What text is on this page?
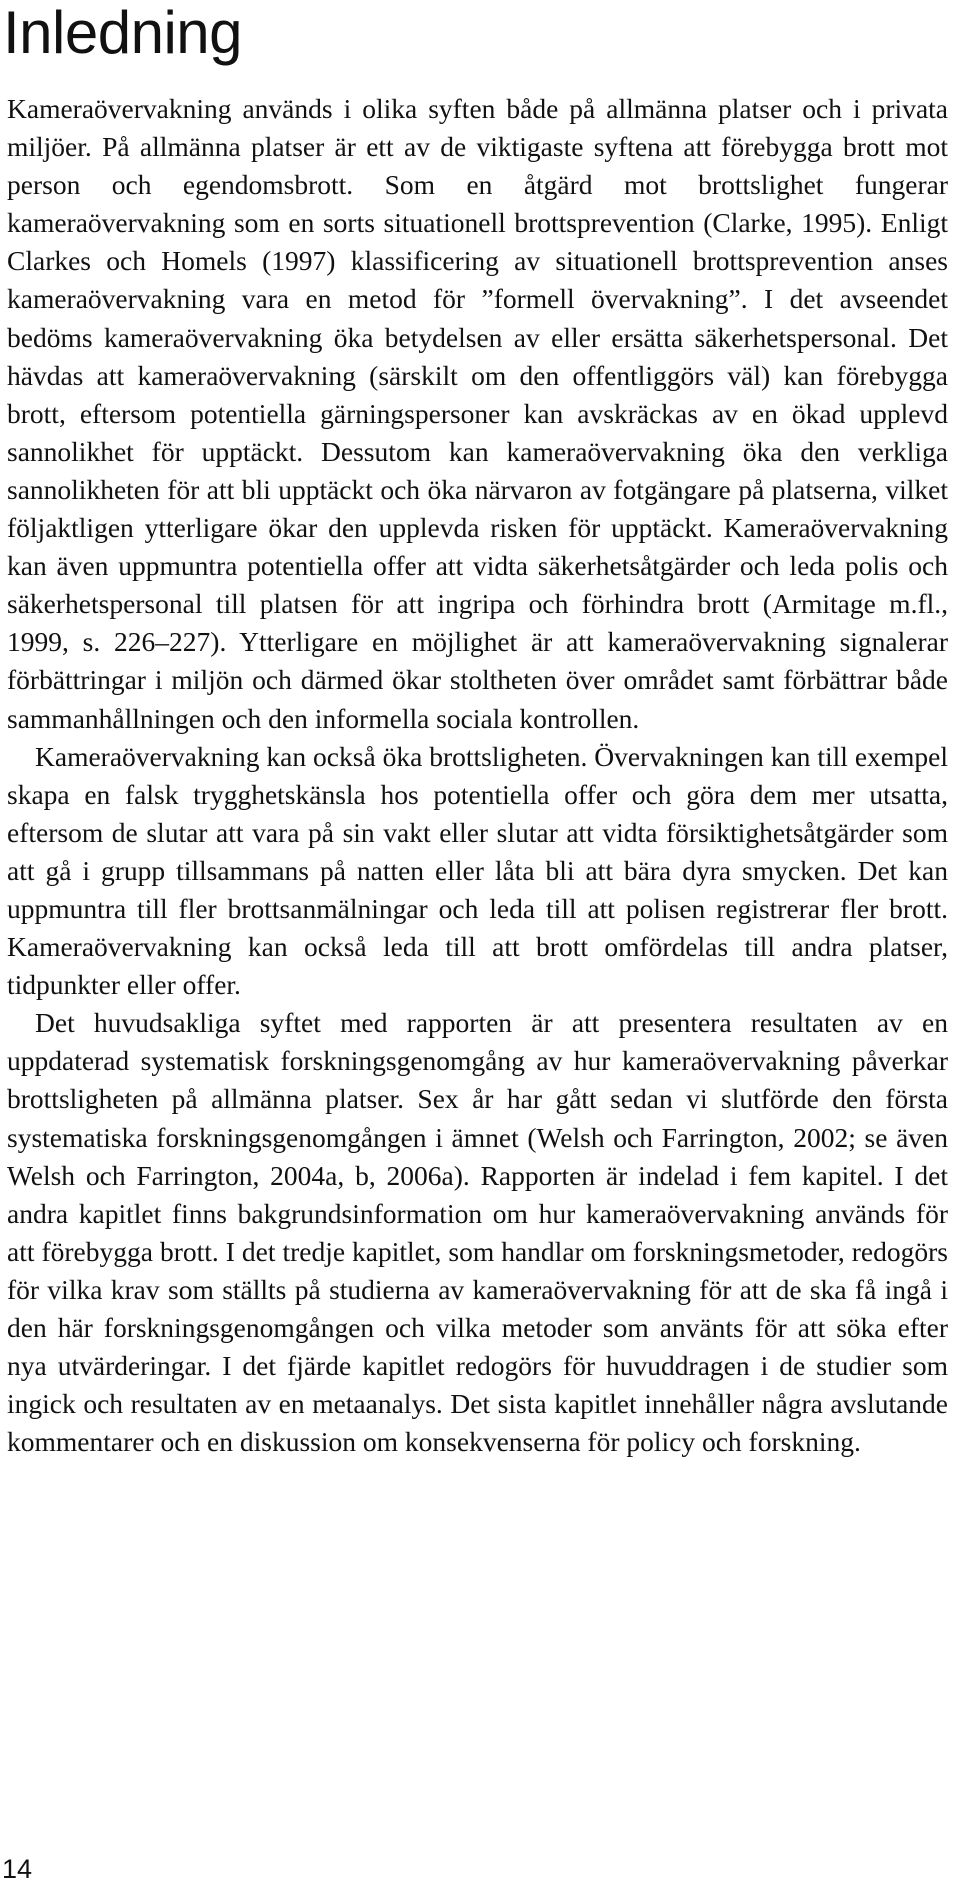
Inledning

Kameraövervakning används i olika syften både på allmänna platser och i privata miljöer. På allmänna platser är ett av de viktigaste syftena att förebygga brott mot person och egendomsbrott. Som en åtgärd mot brottslighet fungerar kameraövervakning som en sorts situationell brottsprevention (Clarke, 1995). Enligt Clarkes och Homels (1997) klassificering av situationell brottsprevention anses kameraövervakning vara en metod för ”formell övervakning”. I det avseendet bedöms kameraövervakning öka betydelsen av eller ersätta säkerhetspersonal. Det hävdas att kameraövervakning (särskilt om den offentliggörs väl) kan förebygga brott, eftersom potentiella gärningspersoner kan avskräckas av en ökad upplevd sannolikhet för upptäckt. Dessutom kan kameraövervakning öka den verkliga sannolikheten för att bli upptäckt och öka närvaron av fotgängare på platserna, vilket följaktligen ytterligare ökar den upplevda risken för upptäckt. Kameraövervakning kan även uppmuntra potentiella offer att vidta säkerhetsåtgärder och leda polis och säkerhetspersonal till platsen för att ingripa och förhindra brott (Armitage m.fl., 1999, s. 226–227). Ytterligare en möjlighet är att kameraövervakning signalerar förbättringar i miljön och därmed ökar stoltheten över området samt förbättrar både sammanhållningen och den informella sociala kontrollen.

Kameraövervakning kan också öka brottsligheten. Övervakningen kan till exempel skapa en falsk trygghetskänsla hos potentiella offer och göra dem mer utsatta, eftersom de slutar att vara på sin vakt eller slutar att vidta försiktighetsåtgärder som att gå i grupp tillsammans på natten eller låta bli att bära dyra smycken. Det kan uppmuntra till fler brottsanmälningar och leda till att polisen registrerar fler brott. Kameraövervakning kan också leda till att brott omfördelas till andra platser, tidpunkter eller offer.

Det huvudsakliga syftet med rapporten är att presentera resultaten av en uppdaterad systematisk forskningsgenomgång av hur kameraövervakning påverkar brottsligheten på allmänna platser. Sex år har gått sedan vi slutförde den första systematiska forskningsgenomgången i ämnet (Welsh och Farrington, 2002; se även Welsh och Farrington, 2004a, b, 2006a). Rapporten är indelad i fem kapitel. I det andra kapitlet finns bakgrundsinformation om hur kameraövervakning används för att förebygga brott. I det tredje kapitlet, som handlar om forskningsmetoder, redogörs för vilka krav som ställts på studierna av kameraövervakning för att de ska få ingå i den här forskningsgenomgången och vilka metoder som använts för att söka efter nya utvärderingar. I det fjärde kapitlet redogörs för huvuddragen i de studier som ingick och resultaten av en metaanalys. Det sista kapitlet innehåller några avslutande kommentarer och en diskussion om konsekvenserna för policy och forskning.

14
